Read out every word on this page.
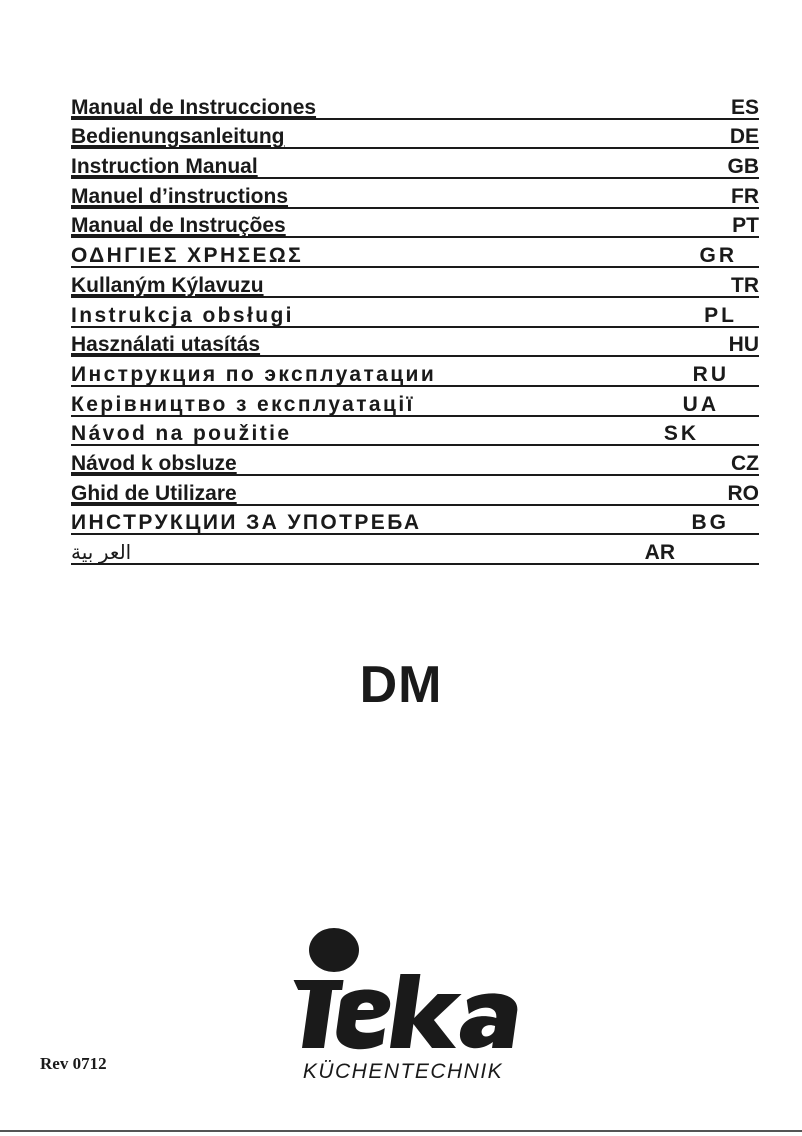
Manual de Instrucciones	ES
Bedienungsanleitung	DE
Instruction Manual	GB
Manuel d’instructions	FR
Manual de Instruções	PT
ΟΔΗΓΙΕΣ ΧΡΗΣΕΩΣ	GR
Kullaným Kýlavuzu	TR
Instrukcja obsługi	PL
Használati utasítás	HU
Инструкция по эксплуатации	RU
Керівництво з експлуатації	UA
Návod na použitie	SK
Návod k obsluze	CZ
Ghid de Utilizare	RO
ИНСТРУКЦИИ ЗА УПОТРЕБА	BG
العر بية	AR
DM
KÜCHENTECHNIK
Rev 0712
